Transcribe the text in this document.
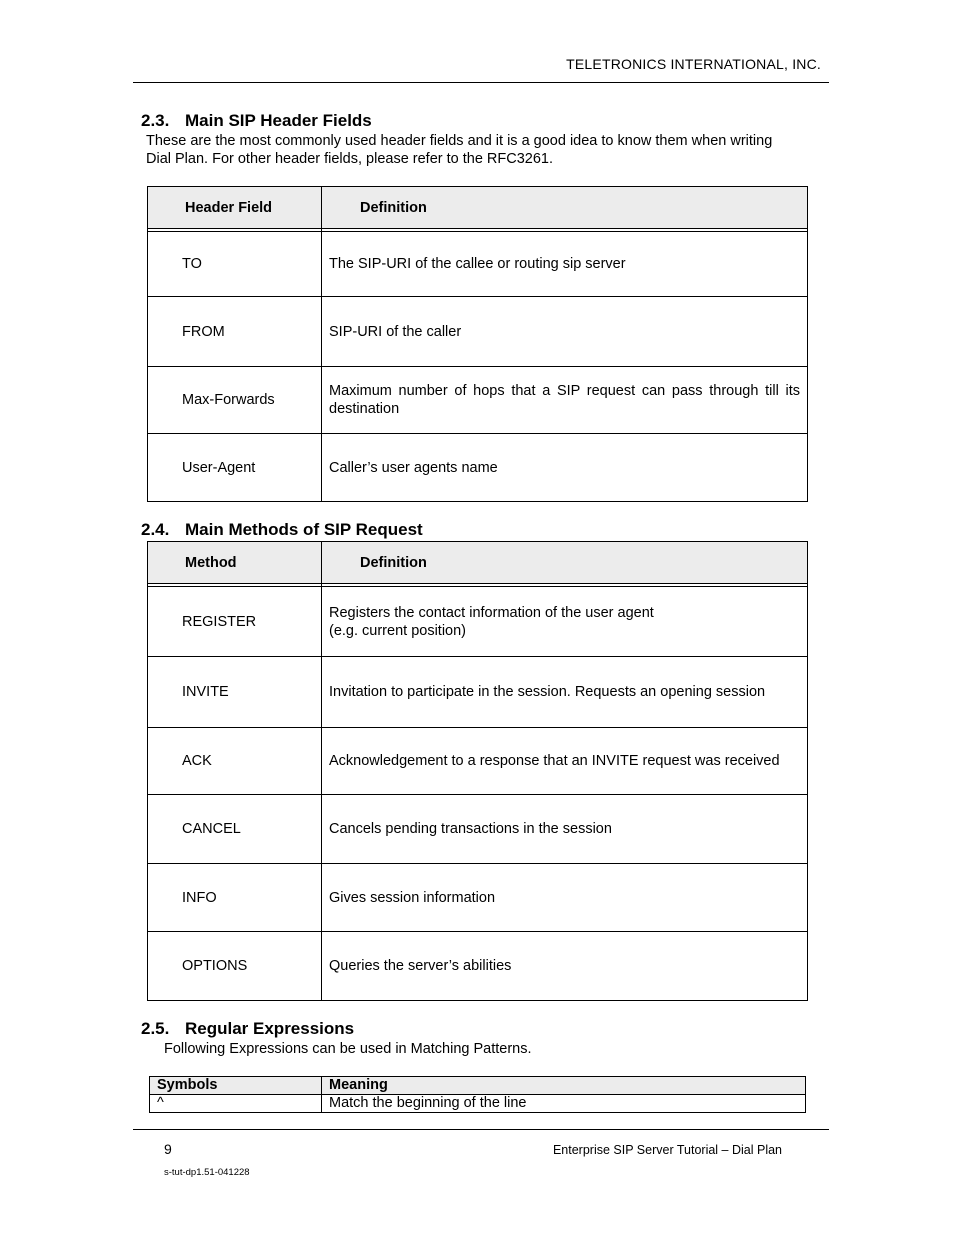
TELETRONICS INTERNATIONAL, INC.
2.3. Main SIP Header Fields
These are the most commonly used header fields and it is a good idea to know them when writing
Dial Plan. For other header fields, please refer to the RFC3261.
Header Field	Definition

TO	The SIP-URI of the callee or routing sip server
FROM	SIP-URI of the caller
Max-Forwards	Maximum number of hops that a SIP request can pass through till its destination
User-Agent	Caller’s user agents name
2.4. Main Methods of SIP Request
Method	Definition

REGISTER	Registers the contact information of the user agent
(e.g. current position)

INVITE	Invitation to participate in the session. Requests an opening session
ACK	Acknowledgement to a response that an INVITE request was received
CANCEL	Cancels pending transactions in the session
INFO	Gives session information
OPTIONS	Queries the server’s abilities
2.5. Regular Expressions
Following Expressions can be used in Matching Patterns.
Symbols	Meaning
^	Match the beginning of the line
9	Enterprise SIP Server Tutorial – Dial Plan
s-tut-dp1.51-041228
